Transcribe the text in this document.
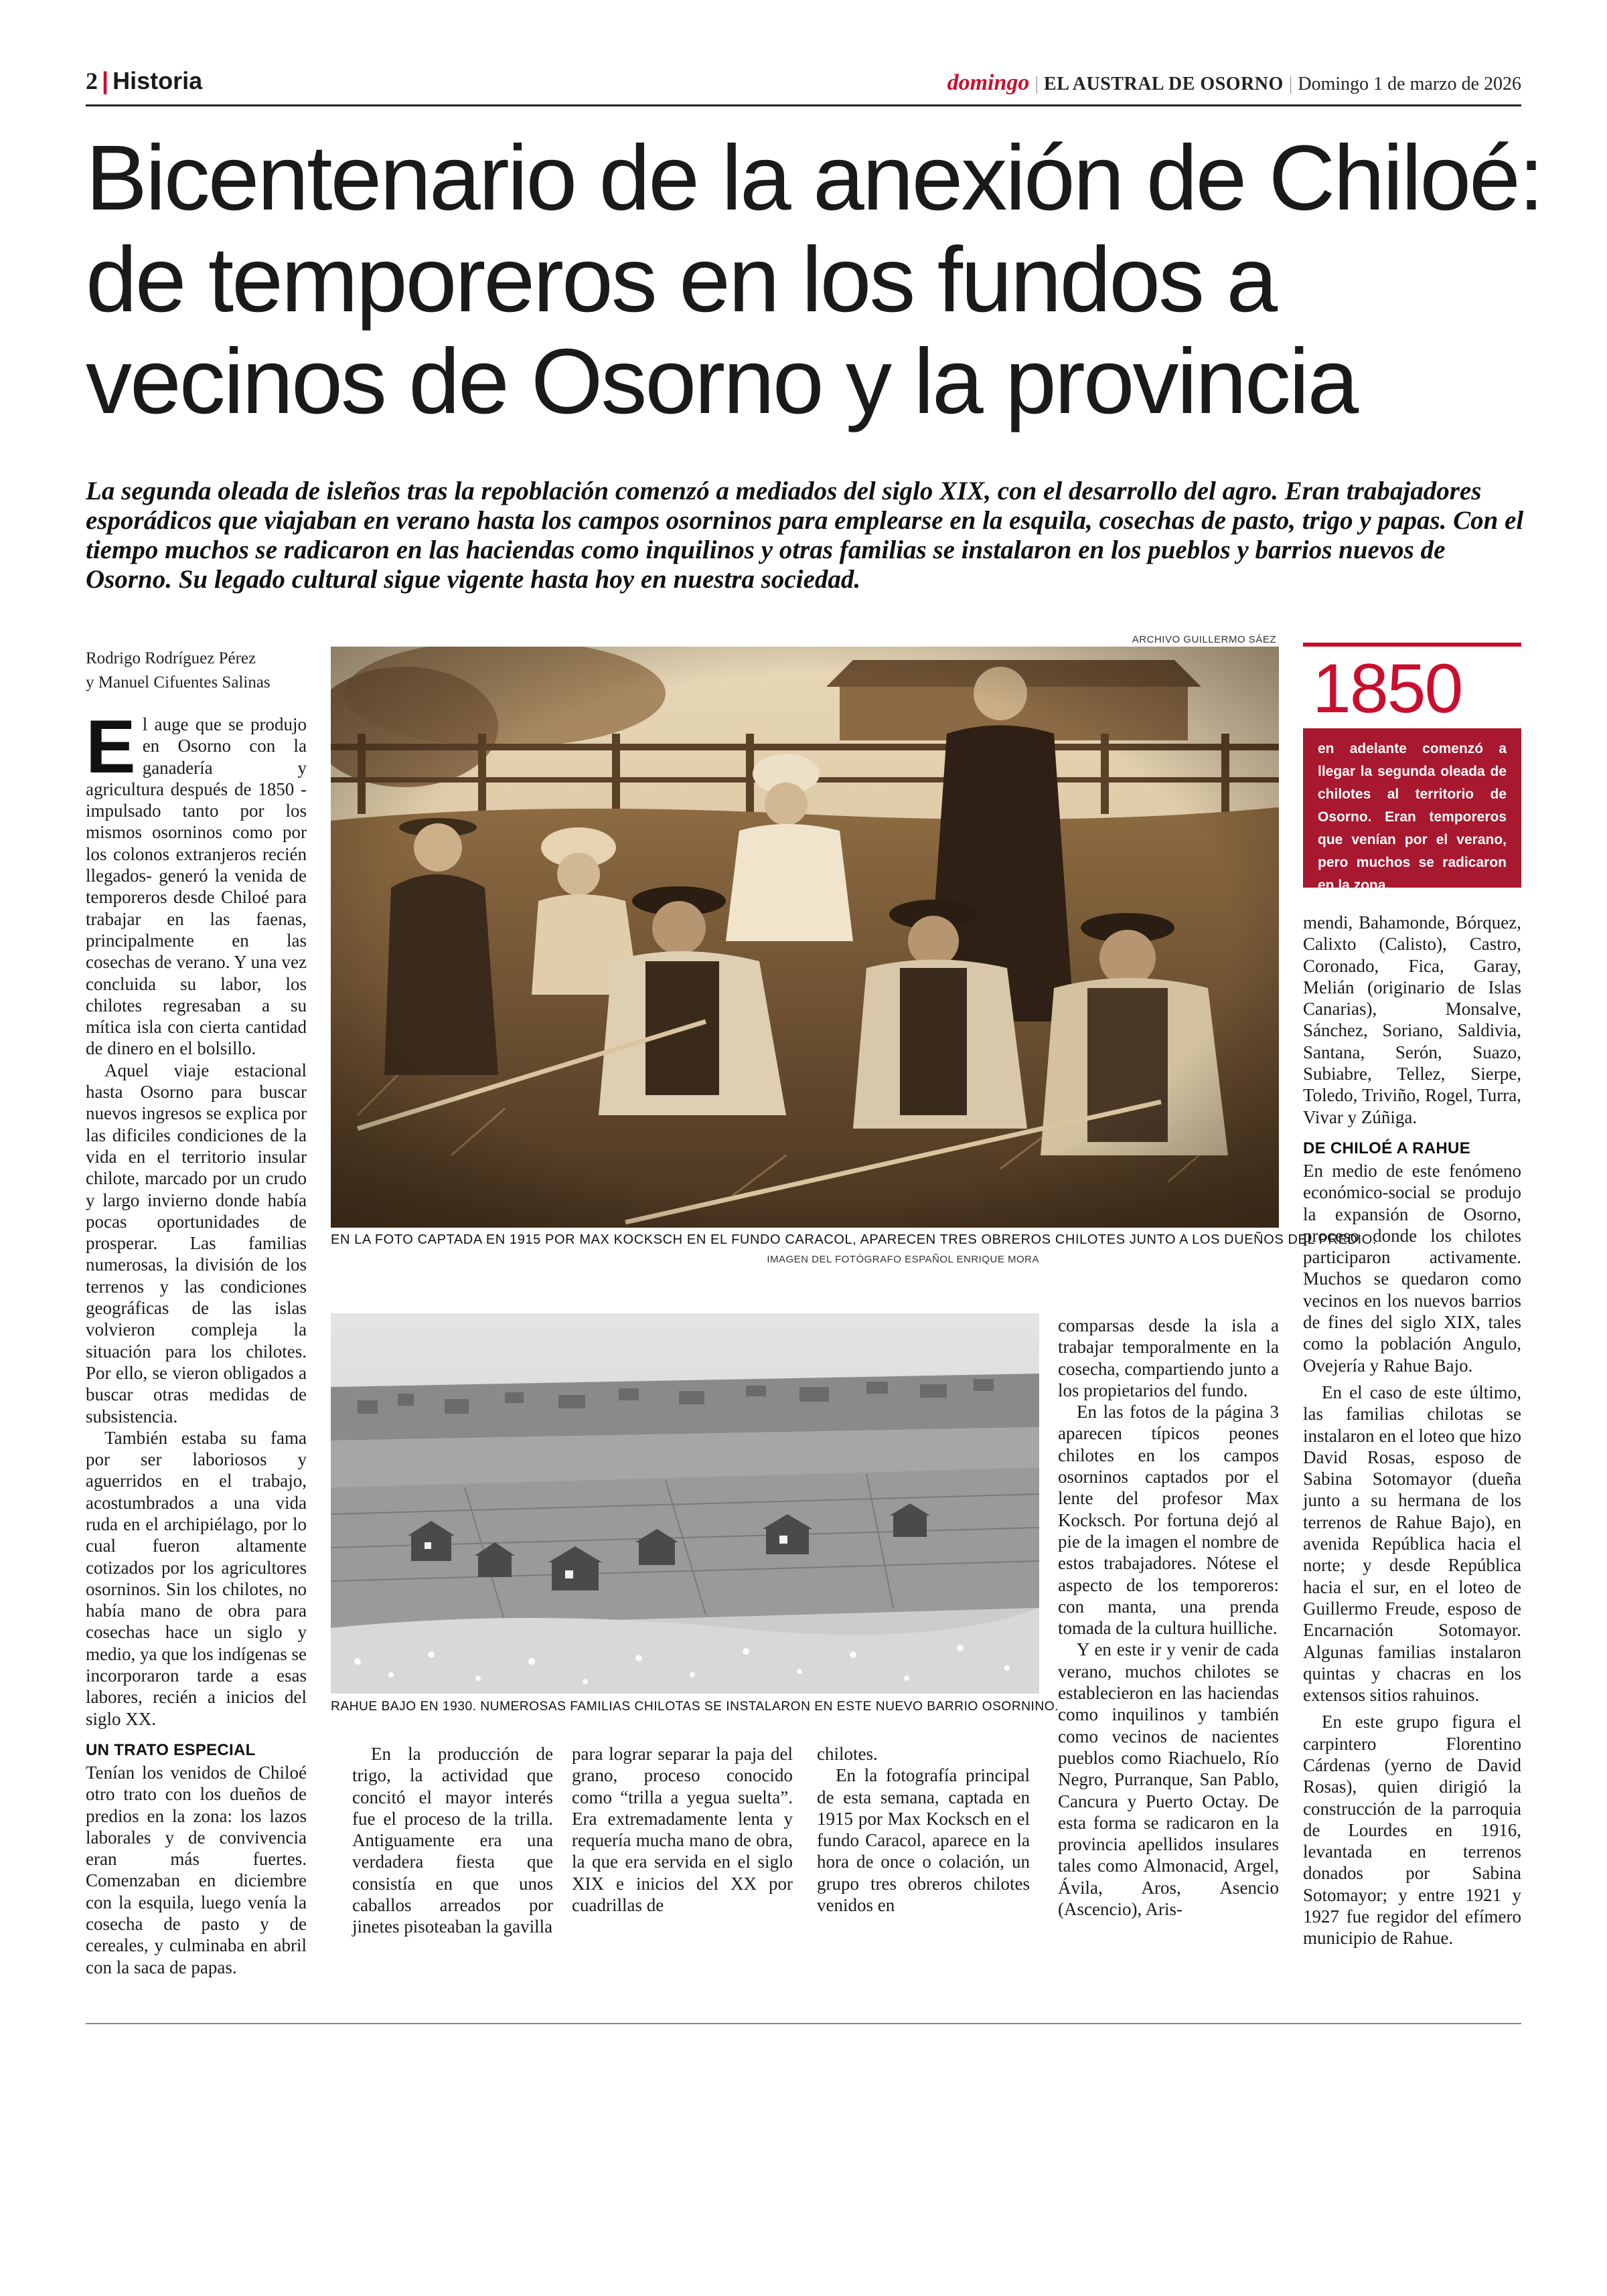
2 | Historia	domingo | EL AUSTRAL DE OSORNO | Domingo 1 de marzo de 2026
Bicentenario de la anexión de Chiloé:
de temporeros en los fundos a
vecinos de Osorno y la provincia

La segunda oleada de isleños tras la repoblación comenzó a mediados del siglo XIX, con el desarrollo del agro. Eran trabajadores esporádicos que viajaban en verano hasta los campos osorninos para emplearse en la esquila, cosechas de pasto, trigo y papas. Con el tiempo muchos se radicaron en las haciendas como inquilinos y otras familias se instalaron en los pueblos y barrios nuevos de Osorno. Su legado cultural sigue vigente hasta hoy en nuestra sociedad.

Rodrigo Rodríguez Pérez
y Manuel Cifuentes Salinas
E l auge que se produjo en Osorno con la ganadería y agricultura después de 1850 -impulsado tanto por los mismos osorninos como por los colonos extranjeros recién llegados- generó la venida de temporeros desde Chiloé para trabajar en las faenas, principalmente en las cosechas de verano. Y una vez concluida su labor, los chilotes regresaban a su mítica isla con cierta cantidad de dinero en el bolsillo.

Aquel viaje estacional hasta Osorno para buscar nuevos ingresos se explica por las dificiles condiciones de la vida en el territorio insular chilote, marcado por un crudo y largo invierno donde había pocas oportunidades de prosperar. Las familias numerosas, la división de los terrenos y las condiciones geográficas de las islas volvieron compleja la situación para los chilotes. Por ello, se vieron obligados a buscar otras medidas de subsistencia.

También estaba su fama por ser laboriosos y aguerridos en el trabajo, acostumbrados a una vida ruda en el archipiélago, por lo cual fueron altamente cotizados por los agricultores osorninos. Sin los chilotes, no había mano de obra para cosechas hace un siglo y medio, ya que los indígenas se incorporaron tarde a esas labores, recién a inicios del siglo XX.

UN TRATO ESPECIAL

Tenían los venidos de Chiloé otro trato con los dueños de predios en la zona: los lazos laborales y de convivencia eran más fuertes. Comenzaban en diciembre con la esquila, luego venía la cosecha de pasto y de cereales, y culminaba en abril con la saca de papas.

ARCHIVO GUILLERMO SÁEZ
EN LA FOTO CAPTADA EN 1915 POR MAX KOCKSCH EN EL FUNDO CARACOL, APARECEN TRES OBREROS CHILOTES JUNTO A LOS DUEÑOS DEL PREDIO.
IMAGEN DEL FOTÓGRAFO ESPAÑOL ENRIQUE MORA
RAHUE BAJO EN 1930. NUMEROSAS FAMILIAS CHILOTAS SE INSTALARON EN ESTE NUEVO BARRIO OSORNINO.

En la producción de trigo, la actividad que concitó el mayor interés fue el proceso de la trilla. Antiguamente era una verdadera fiesta que consistía en que unos caballos arreados por jinetes pisoteaban la gavilla

para lograr separar la paja del grano, proceso conocido como “trilla a yegua suelta”. Era extremadamente lenta y requería mucha mano de obra, la que era servida en el siglo XIX e inicios del XX por cuadrillas de

chilotes.

En la fotografía principal de esta semana, captada en 1915 por Max Kocksch en el fundo Caracol, aparece en la hora de once o colación, un grupo tres obreros chilotes venidos en

comparsas desde la isla a trabajar temporalmente en la cosecha, compartiendo junto a los propietarios del fundo.

En las fotos de la página 3 aparecen típicos peones chilotes en los campos osorninos captados por el lente del profesor Max Kocksch. Por fortuna dejó al pie de la imagen el nombre de estos trabajadores. Nótese el aspecto de los temporeros: con manta, una prenda tomada de la cultura huilliche.

Y en este ir y venir de cada verano, muchos chilotes se establecieron en las haciendas como inquilinos y también como vecinos de nacientes pueblos como Riachuelo, Río Negro, Purranque, San Pablo, Cancura y Puerto Octay. De esta forma se radicaron en la provincia apellidos insulares tales como Almonacid, Argel, Ávila, Aros, Asencio (Ascencio), Aris-

1850
en adelante comenzó a llegar la segunda oleada de chilotes al territorio de Osorno. Eran temporeros que venían por el verano, pero muchos se radicaron en la zona.

mendi, Bahamonde, Bórquez, Calixto (Calisto), Castro, Coronado, Fica, Garay, Melián (originario de Islas Canarias), Monsalve, Sánchez, Soriano, Saldivia, Santana, Serón, Suazo, Subiabre, Tellez, Sierpe, Toledo, Triviño, Rogel, Turra, Vivar y Zúñiga.

DE CHILOÉ A RAHUE

En medio de este fenómeno económico-social se produjo la expansión de Osorno, proceso donde los chilotes participaron activamente. Muchos se quedaron como vecinos en los nuevos barrios de fines del siglo XIX, tales como la población Angulo, Ovejería y Rahue Bajo.

En el caso de este último, las familias chilotas se instalaron en el loteo que hizo David Rosas, esposo de Sabina Sotomayor (dueña junto a su hermana de los terrenos de Rahue Bajo), en avenida República hacia el norte; y desde República hacia el sur, en el loteo de Guillermo Freude, esposo de Encarnación Sotomayor. Algunas familias instalaron quintas y chacras en los extensos sitios rahuinos.

En este grupo figura el carpintero Florentino Cárdenas (yerno de David Rosas), quien dirigió la construcción de la parroquia de Lourdes en 1916, levantada en terrenos donados por Sabina Sotomayor; y entre 1921 y 1927 fue regidor del efímero municipio de Rahue.
